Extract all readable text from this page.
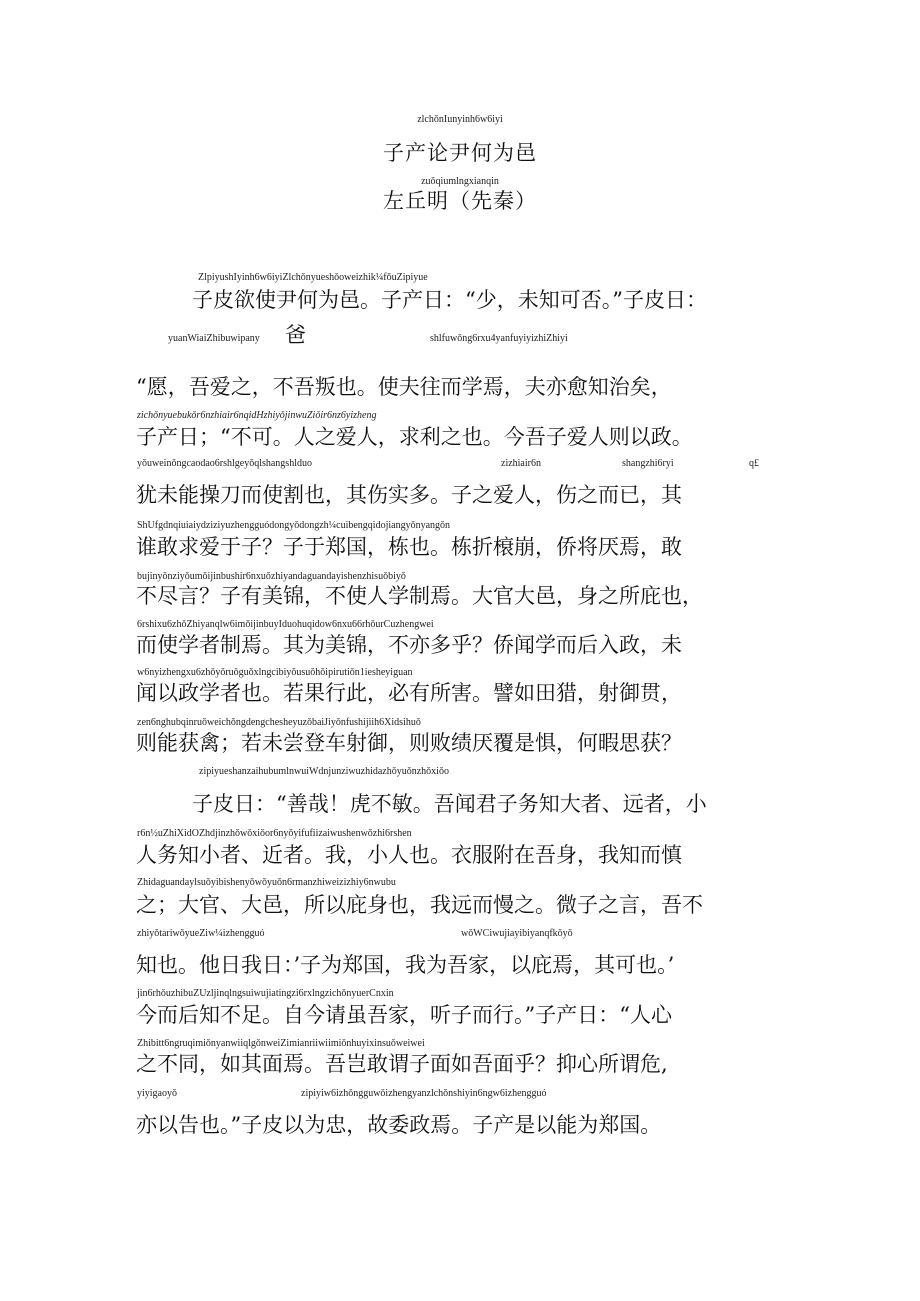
zlchǒnIunyinh6w6iyi
子产论尹何为邑
zuǒqiumlngxianqin
左丘明（先秦）
ZlpiyushIyinh6w6iyiZlchǒnyueshǒoweizhik¼fǒuZipiyue
子皮欲使尹何为邑。子产日：“少，未知可否。”子皮日：
yuanWiaiZhibuwipany 爸	shlfuwǒng6rxu4yanfuyiyizhiZhiyi
“愿，吾爱之，不吾叛也。使夫往而学焉，夫亦愈知治矣，
zichǒnyuebukǒr6nzhiair6nqidHzhiyǒjinwuZiǒir6nz6yizheng
子产日；“不可。人之爱人，求利之也。今吾子爱人则以政。
yǒuweinǒngcaodao6rshlgeyǒqlshangshlduo	zizhiair6n	shangzhi6ryi	q£
犹未能操刀而使割也，其伤实多。子之爱人，伤之而已，其
ShUfgdnqiuiaiydziziyuzhengguódongyǒdongzh¼cuibengqidojiangyǒnyangǒn
谁敢求爱于子？子于郑国，栋也。栋折榱崩，侨将厌焉，敢
bujinyǒnziyǒumǒijinbushir6nxuǒzhiyandaguandayishenzhisuǒbiyǒ
不尽言？子有美锦，不使人学制焉。大官大邑，身之所庇也，
6rshixu6zhǒZhiyanqlw6imǒijinbuyIduohuqidow6nxu66rhǒurCuzhengwei
而使学者制焉。其为美锦，不亦多乎？侨闻学而后入政，未
w6nyizhengxu6zhǒyǒruǒguǒxlngcibiyǒusuǒhǒipirutiǒn1iesheyiguan
闻以政学者也。若果行此，必有所害。譬如田猎，射御贯，
zen6nghubqinruǒweichǒngdengchesheyuzǒbaiJiyǒnfushijiih6Xidsihuǒ
则能获禽；若未尝登车射御，则败绩厌覆是惧，何暇思获？
zipiyueshanzaihubumlnwuiWdnjunziwuzhidazhǒyuǒnzhǒxiǒo
子皮日：“善哉！虎不敏。吾闻君子务知大者、远者，小
r6n½uZhiXidOZhdjinzhǒwǒxiǒor6nyǒyifufiizaiwushenwǒzhi6rshen
人务知小者、近者。我，小人也。衣服附在吾身，我知而慎
Zhidaguandaylsuǒyibishenyǒwǒyuǒn6rmanzhiweizizhiy6nwubu
之；大官、大邑，所以庇身也，我远而慢之。微子之言，吾不
zhiyǒtariwǒyueZiw¼izhengguó	wǒWCiwujiayibiyanqfkǒyǒ
知也。他日我日：’子为郑国，我为吾家，以庇焉，其可也。’
jin6rhǒuzhibuZUzljinqlngsuiwujiatingzi6rxlngzichǒnyuerCnxin
今而后知不足。自今请虽吾家，听子而行。”子产日：“人心
Zhibitt6ngruqimiǒnyanwiiqlgǒnweiZimianriiwiimiǒnhuyixinsuǒweiwei
之不同，如其面焉。吾岂敢谓子面如吾面乎？抑心所谓危,
yiyigaoyǒ	zipiyiw6izhǒngguwǒizhengyanzlchǒnshiyin6ngw6izhengguó
亦以告也。”子皮以为忠，故委政焉。子产是以能为郑国。
